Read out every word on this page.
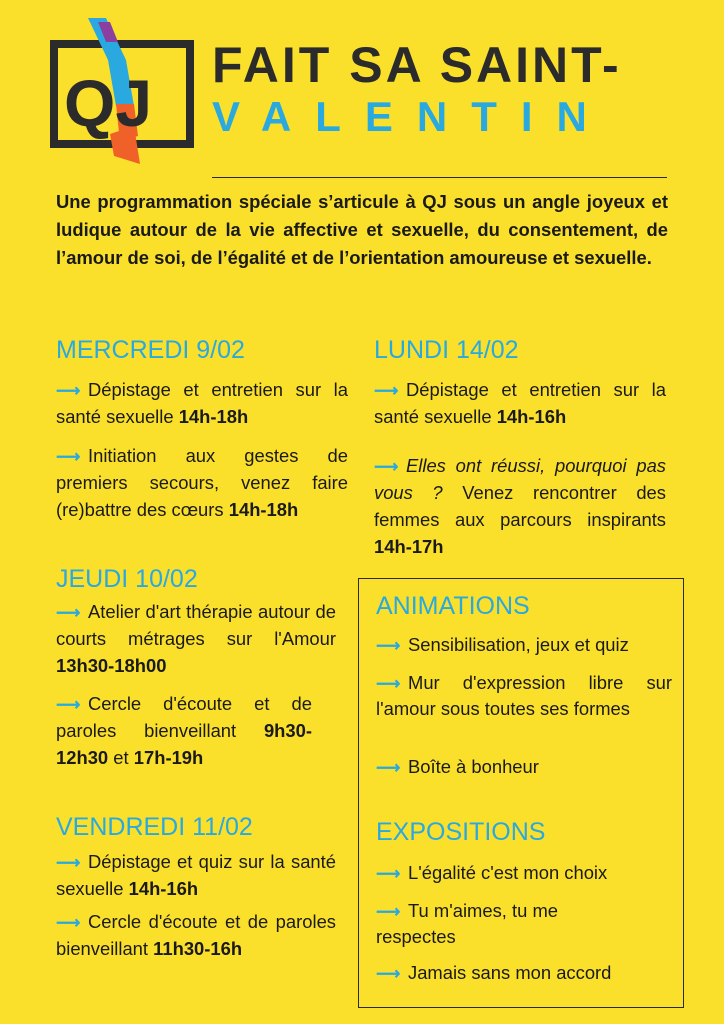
QJ
FAIT SA SAINT-
VALENTIN
Une programmation spéciale s’articule à QJ sous un angle joyeux et ludique autour de la vie affective et sexuelle, du consentement, de l’amour de soi, de l’égalité et de l’orientation amoureuse et sexuelle.
MERCREDI 9/02
⟶ Dépistage et entretien sur la santé sexuelle 14h-18h
⟶ Initiation aux gestes de premiers secours, venez faire (re)battre des cœurs 14h-18h
JEUDI 10/02
⟶ Atelier d'art thérapie autour de courts métrages sur l'Amour 13h30-18h00
⟶ Cercle d'écoute et de paroles bienveillant 9h30-12h30 et 17h-19h
VENDREDI 11/02
⟶ Dépistage et quiz sur la santé sexuelle 14h-16h
⟶ Cercle d'écoute et de paroles bienveillant 11h30-16h
LUNDI 14/02
⟶ Dépistage et entretien sur la santé sexuelle 14h-16h
⟶ Elles ont réussi, pourquoi pas vous ? Venez rencontrer des femmes aux parcours inspirants 14h-17h
ANIMATIONS
⟶ Sensibilisation, jeux et quiz
⟶ Mur d'expression libre sur l'amour sous toutes ses formes
⟶ Boîte à bonheur
EXPOSITIONS
⟶ L'égalité c'est mon choix
⟶ Tu m'aimes, tu me respectes
⟶ Jamais sans mon accord
